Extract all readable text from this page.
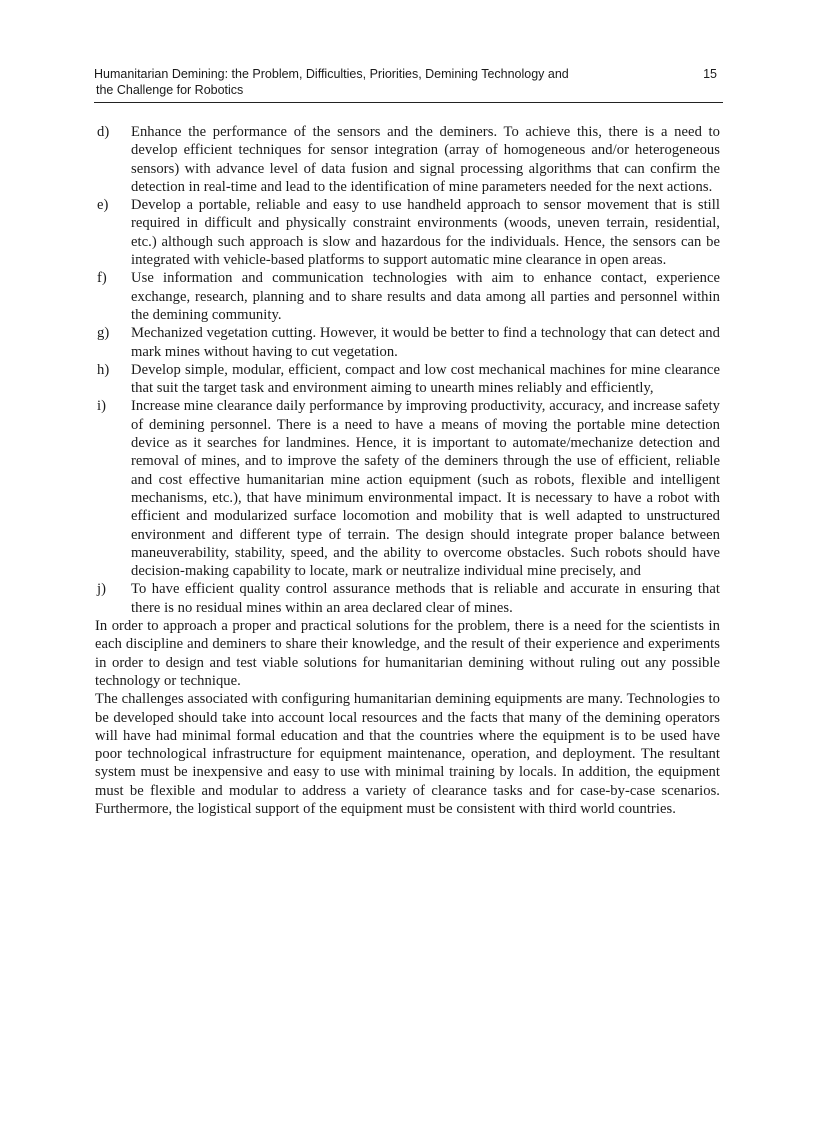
Humanitarian Demining: the Problem, Difficulties, Priorities, Demining Technology and
the Challenge for Robotics
15
d) Enhance the performance of the sensors and the deminers. To achieve this, there is a need to develop efficient techniques for sensor integration (array of homogeneous and/or heterogeneous sensors) with advance level of data fusion and signal processing algorithms that can confirm the detection in real-time and lead to the identification of mine parameters needed for the next actions.
e) Develop a portable, reliable and easy to use handheld approach to sensor movement that is still required in difficult and physically constraint environments (woods, uneven terrain, residential, etc.) although such approach is slow and hazardous for the individuals. Hence, the sensors can be integrated with vehicle-based platforms to support automatic mine clearance in open areas.
f) Use information and communication technologies with aim to enhance contact, experience exchange, research, planning and to share results and data among all parties and personnel within the demining community.
g) Mechanized vegetation cutting. However, it would be better to find a technology that can detect and mark mines without having to cut vegetation.
h) Develop simple, modular, efficient, compact and low cost mechanical machines for mine clearance that suit the target task and environment aiming to unearth mines reliably and efficiently,
i) Increase mine clearance daily performance by improving productivity, accuracy, and increase safety of demining personnel. There is a need to have a means of moving the portable mine detection device as it searches for landmines. Hence, it is important to automate/mechanize detection and removal of mines, and to improve the safety of the deminers through the use of efficient, reliable and cost effective humanitarian mine action equipment (such as robots, flexible and intelligent mechanisms, etc.), that have minimum environmental impact. It is necessary to have a robot with efficient and modularized surface locomotion and mobility that is well adapted to unstructured environment and different type of terrain. The design should integrate proper balance between maneuverability, stability, speed, and the ability to overcome obstacles. Such robots should have decision-making capability to locate, mark or neutralize individual mine precisely, and
j) To have efficient quality control assurance methods that is reliable and accurate in ensuring that there is no residual mines within an area declared clear of mines.

In order to approach a proper and practical solutions for the problem, there is a need for the scientists in each discipline and deminers to share their knowledge, and the result of their experience and experiments in order to design and test viable solutions for humanitarian demining without ruling out any possible technology or technique.

The challenges associated with configuring humanitarian demining equipments are many. Technologies to be developed should take into account local resources and the facts that many of the demining operators will have had minimal formal education and that the countries where the equipment is to be used have poor technological infrastructure for equipment maintenance, operation, and deployment. The resultant system must be inexpensive and easy to use with minimal training by locals. In addition, the equipment must be flexible and modular to address a variety of clearance tasks and for case-by-case scenarios. Furthermore, the logistical support of the equipment must be consistent with third world countries.
